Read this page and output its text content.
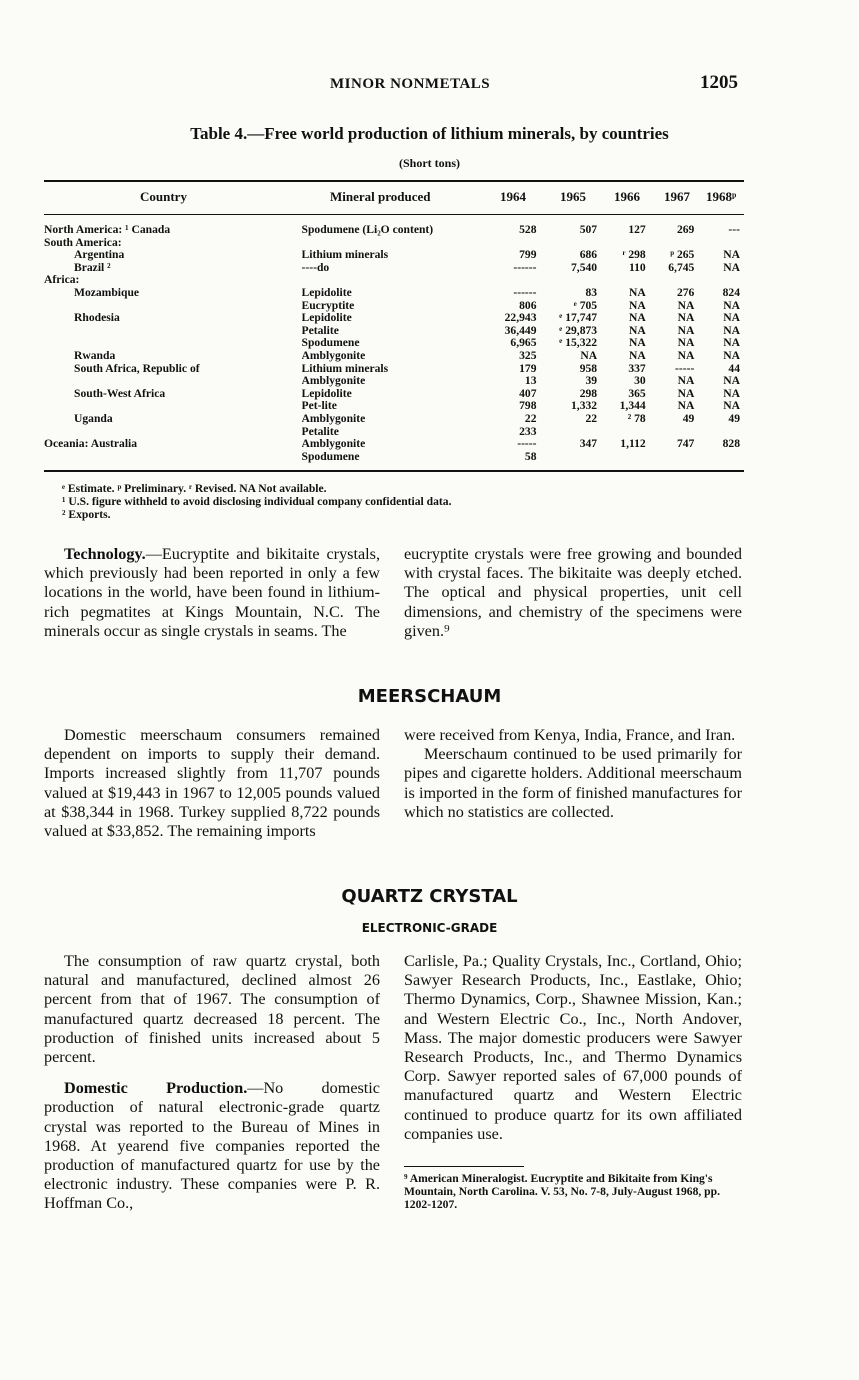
MINOR NONMETALS	1205
Table 4.—Free world production of lithium minerals, by countries
(Short tons)
Country	Mineral produced	1964	1965 1966 1967 1968ᵖ
North America: ¹ Canada	Spodumene (Li₂O content)	528	507	127	269	---
South America:						
Argentina	Lithium minerals	799	686	ʳ 298	ᵖ 265	NA
Brazil ²	----do	------	7,540	110	6,745	NA
Africa:						
Mozambique	Lepidolite	------	83	NA	276	824
	Eucryptite	806	ᵉ 705	NA	NA	NA
Rhodesia	Lepidolite	22,943	ᵉ 17,747	NA	NA	NA
	Petalite	36,449	ᵉ 29,873	NA	NA	NA
	Spodumene	6,965	ᵉ 15,322	NA	NA	NA
Rwanda	Amblygonite	325	NA	NA	NA	NA
South Africa, Republic of	Lithium minerals	179	958	337	-----	44
	Amblygonite	13	39	30	NA	NA
South-West Africa	Lepidolite	407	298	365	NA	NA
	Pet-lite	798	1,332	1,344	NA	NA
Uganda	Amblygonite	22	22	² 78	49	49
	Petalite	233				
Oceania: Australia	Amblygonite	-----	347	1,112	747	828
	Spodumene	58				
ᵉ Estimate. ᵖ Preliminary. ʳ Revised. NA Not available.
¹ U.S. figure withheld to avoid disclosing individual company confidential data.
² Exports.

Technology.—Eucryptite and bikitaite crystals, which previously had been reported in only a few locations in the world, have been found in lithium-rich pegmatites at Kings Mountain, N.C. The minerals occur as single crystals in seams. The

eucryptite crystals were free growing and bounded with crystal faces. The bikitaite was deeply etched. The optical and physical properties, unit cell dimensions, and chemistry of the specimens were given.⁹

MEERSCHAUM

Domestic meerschaum consumers remained dependent on imports to supply their demand. Imports increased slightly from 11,707 pounds valued at $19,443 in 1967 to 12,005 pounds valued at $38,344 in 1968. Turkey supplied 8,722 pounds valued at $33,852. The remaining imports

were received from Kenya, India, France, and Iran.

Meerschaum continued to be used primarily for pipes and cigarette holders. Additional meerschaum is imported in the form of finished manufactures for which no statistics are collected.

QUARTZ CRYSTAL
ELECTRONIC-GRADE

The consumption of raw quartz crystal, both natural and manufactured, declined almost 26 percent from that of 1967. The consumption of manufactured quartz decreased 18 percent. The production of finished units increased about 5 percent.

Domestic Production.—No domestic production of natural electronic-grade quartz crystal was reported to the Bureau of Mines in 1968. At yearend five companies reported the production of manufactured quartz for use by the electronic industry. These companies were P. R. Hoffman Co.,

Carlisle, Pa.; Quality Crystals, Inc., Cortland, Ohio; Sawyer Research Products, Inc., Eastlake, Ohio; Thermo Dynamics, Corp., Shawnee Mission, Kan.; and Western Electric Co., Inc., North Andover, Mass. The major domestic producers were Sawyer Research Products, Inc., and Thermo Dynamics Corp. Sawyer reported sales of 67,000 pounds of manufactured quartz and Western Electric continued to produce quartz for its own affiliated companies use.

⁹ American Mineralogist. Eucryptite and Bikitaite from King's Mountain, North Carolina. V. 53, No. 7-8, July-August 1968, pp. 1202-1207.
